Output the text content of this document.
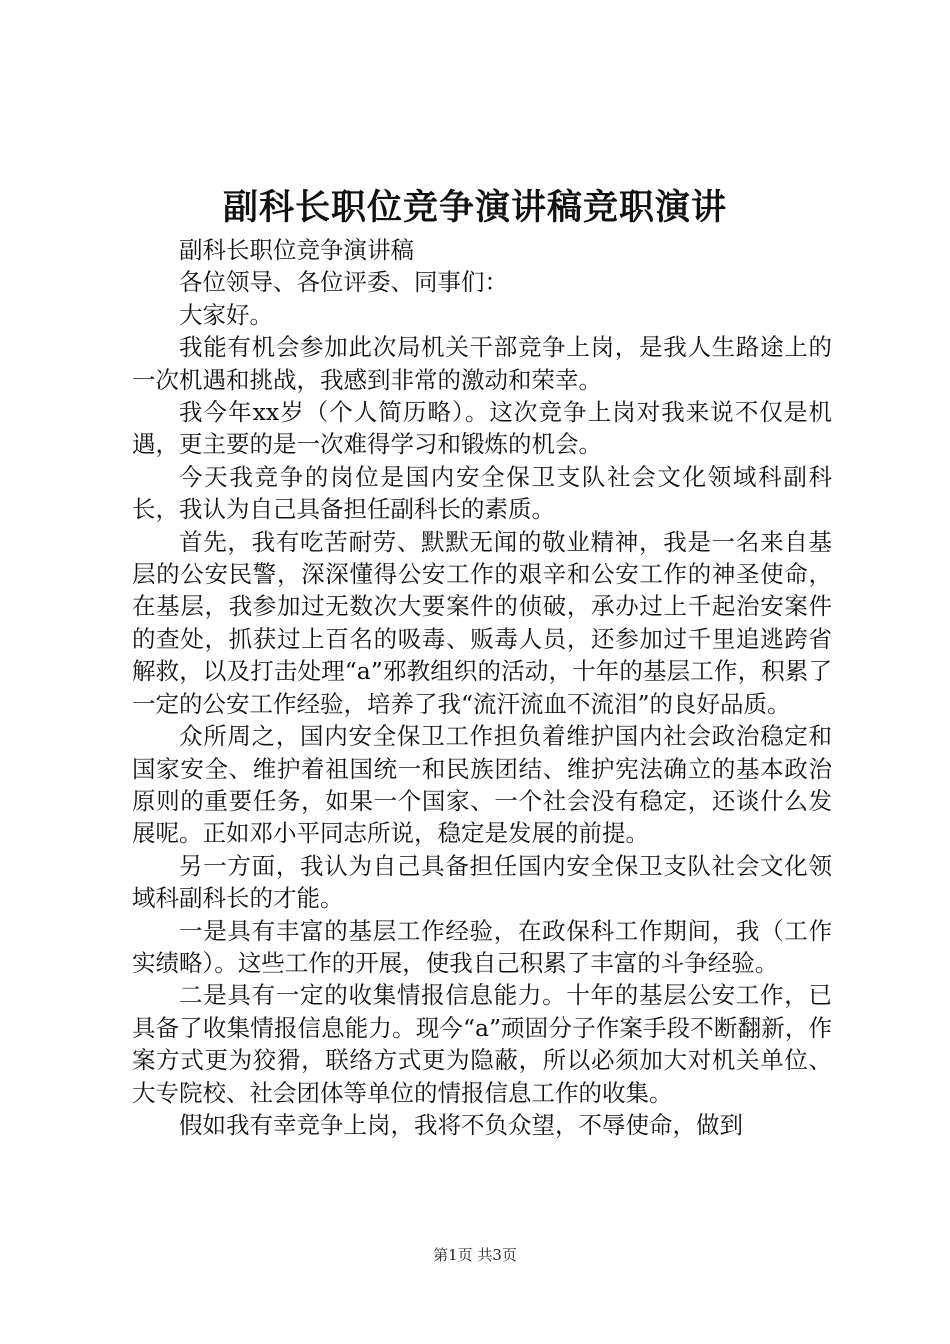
副科长职位竞争演讲稿竞职演讲

副科长职位竞争演讲稿

各位领导、各位评委、同事们：

大家好。

我能有机会参加此次局机关干部竞争上岗，是我人生路途上的一次机遇和挑战，我感到非常的激动和荣幸。

我今年xx岁（个人简历略）。这次竞争上岗对我来说不仅是机遇，更主要的是一次难得学习和锻炼的机会。

今天我竞争的岗位是国内安全保卫支队社会文化领域科副科长，我认为自己具备担任副科长的素质。

首先，我有吃苦耐劳、默默无闻的敬业精神，我是一名来自基层的公安民警，深深懂得公安工作的艰辛和公安工作的神圣使命，在基层，我参加过无数次大要案件的侦破，承办过上千起治安案件的查处，抓获过上百名的吸毒、贩毒人员，还参加过千里追逃跨省解救，以及打击处理“a”邪教组织的活动，十年的基层工作，积累了一定的公安工作经验，培养了我“流汗流血不流泪”的良好品质。

众所周之，国内安全保卫工作担负着维护国内社会政治稳定和国家安全、维护着祖国统一和民族团结、维护宪法确立的基本政治原则的重要任务，如果一个国家、一个社会没有稳定，还谈什么发展呢。正如邓小平同志所说，稳定是发展的前提。

另一方面，我认为自己具备担任国内安全保卫支队社会文化领域科副科长的才能。

一是具有丰富的基层工作经验，在政保科工作期间，我（工作实绩略）。这些工作的开展，使我自己积累了丰富的斗争经验。

二是具有一定的收集情报信息能力。十年的基层公安工作，已具备了收集情报信息能力。现今“a”顽固分子作案手段不断翻新，作案方式更为狡猾，联络方式更为隐蔽，所以必须加大对机关单位、大专院校、社会团体等单位的情报信息工作的收集。

假如我有幸竞争上岗，我将不负众望，不辱使命，做到

第1页 共3页
